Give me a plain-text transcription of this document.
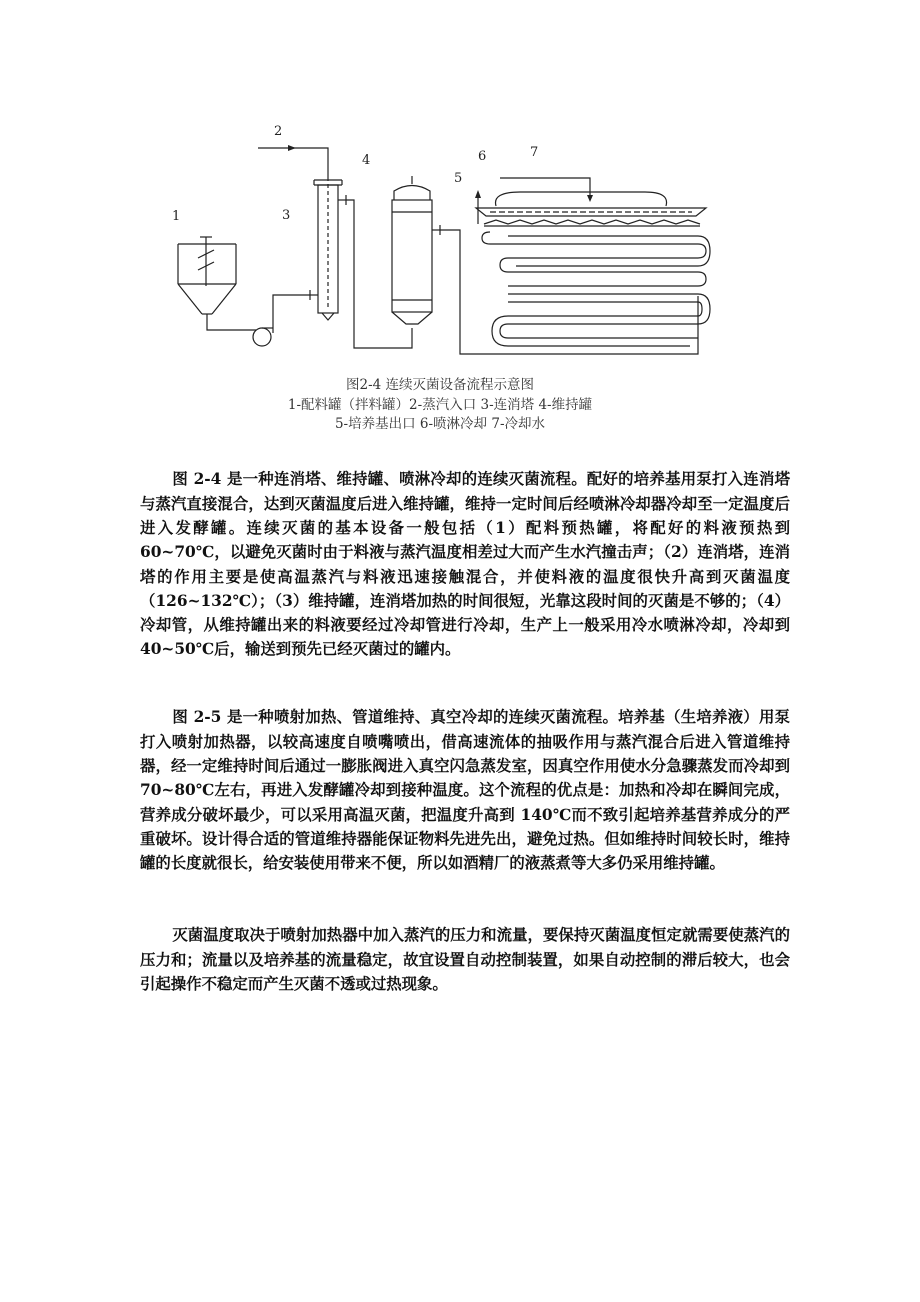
1
2
3
4
5
6	7
图2-4 连续灭菌设备流程示意图
1-配料罐（拌料罐）2-蒸汽入口 3-连消塔 4-维持罐
5-培养基出口 6-喷淋冷却 7-冷却水

图 2-4 是一种连消塔、维持罐、喷淋冷却的连续灭菌流程。配好的培养基用泵打入连消塔与蒸汽直接混合，达到灭菌温度后进入维持罐，维持一定时间后经喷淋冷却器冷却至一定温度后进入发酵罐。连续灭菌的基本设备一般包括（1）配料预热罐，将配好的料液预热到 60~70℃，以避免灭菌时由于料液与蒸汽温度相差过大而产生水汽撞击声；（2）连消塔，连消塔的作用主要是使高温蒸汽与料液迅速接触混合，并使料液的温度很快升高到灭菌温度（126~132℃）；（3）维持罐，连消塔加热的时间很短，光靠这段时间的灭菌是不够的；（4）冷却管，从维持罐出来的料液要经过冷却管进行冷却，生产上一般采用冷水喷淋冷却，冷却到 40~50℃后，输送到预先已经灭菌过的罐内。

图 2-5 是一种喷射加热、管道维持、真空冷却的连续灭菌流程。培养基（生培养液）用泵打入喷射加热器，以较高速度自喷嘴喷出，借高速流体的抽吸作用与蒸汽混合后进入管道维持器，经一定维持时间后通过一膨胀阀进入真空闪急蒸发室，因真空作用使水分急骤蒸发而冷却到 70~80℃左右，再进入发酵罐冷却到接种温度。这个流程的优点是：加热和冷却在瞬间完成，营养成分破坏最少，可以采用高温灭菌，把温度升高到 140℃而不致引起培养基营养成分的严重破坏。设计得合适的管道维持器能保证物料先进先出，避免过热。但如维持时间较长时，维持罐的长度就很长，给安装使用带来不便，所以如酒精厂的液蒸煮等大多仍采用维持罐。

灭菌温度取决于喷射加热器中加入蒸汽的压力和流量，要保持灭菌温度恒定就需要使蒸汽的压力和；流量以及培养基的流量稳定，故宜设置自动控制装置，如果自动控制的滞后较大，也会引起操作不稳定而产生灭菌不透或过热现象。
